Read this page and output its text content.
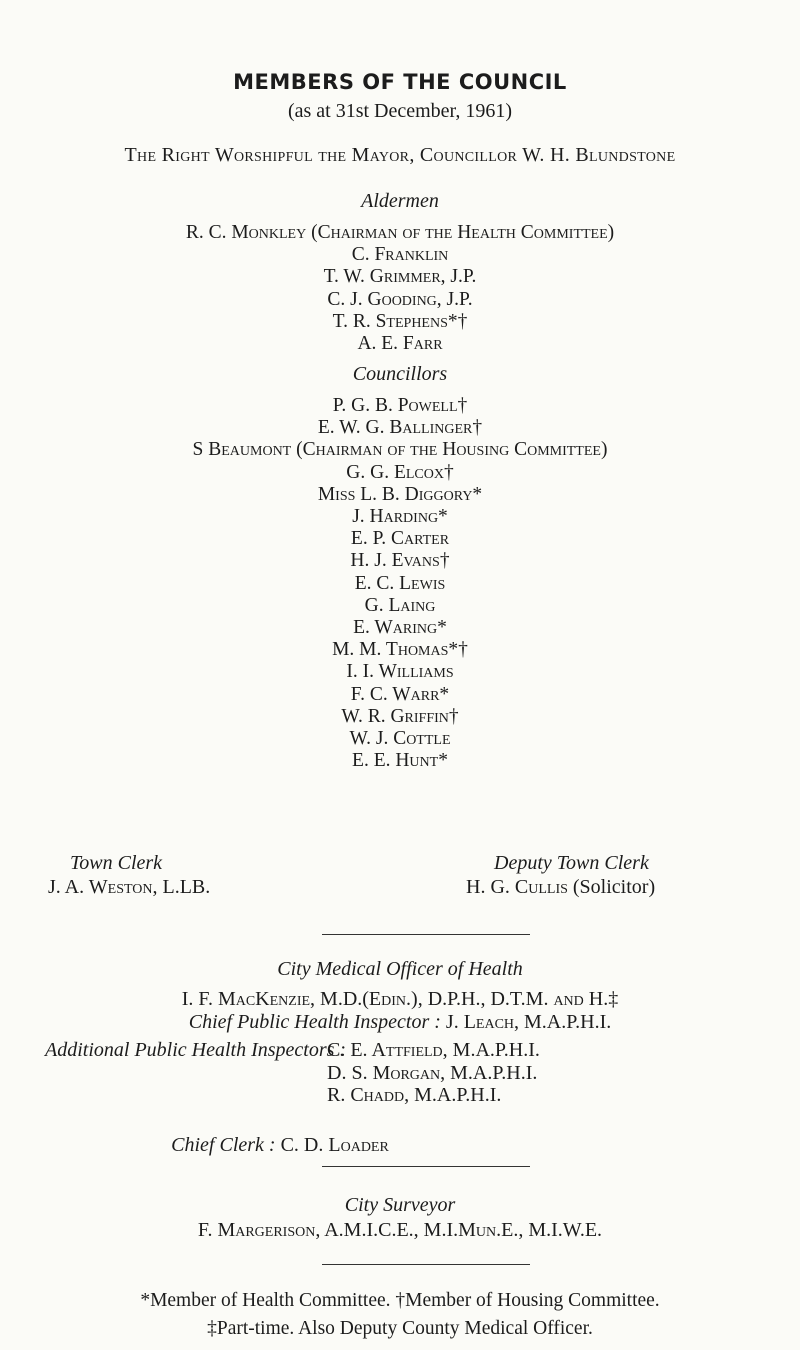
MEMBERS OF THE COUNCIL
(as at 31st December, 1961)
The Right Worshipful the Mayor, Councillor W. H. Blundstone
Aldermen
R. C. Monkley (Chairman of the Health Committee)
C. Franklin
T. W. Grimmer, J.P.
C. J. Gooding, J.P.
T. R. Stephens*†
A. E. Farr
Councillors
P. G. B. Powell†
E. W. G. Ballinger†
S Beaumont (Chairman of the Housing Committee)
G. G. Elcox†
Miss L. B. Diggory*
J. Harding*
E. P. Carter
H. J. Evans†
E. C. Lewis
G. Laing
E. Waring*
M. M. Thomas*†
I. I. Williams
F. C. Warr*
W. R. Griffin†
W. J. Cottle
E. E. Hunt*
Town Clerk
J. A. Weston, L.LB.
Deputy Town Clerk
H. G. Cullis (Solicitor)
City Medical Officer of Health
I. F. MacKenzie, M.D.(Edin.), D.P.H., D.T.M. and H.‡
Chief Public Health Inspector : J. Leach, M.A.P.H.I.
Additional Public Health Inspectors :
C. E. Attfield, M.A.P.H.I.
D. S. Morgan, M.A.P.H.I.
R. Chadd, M.A.P.H.I.
Chief Clerk : C. D. Loader
City Surveyor
F. Margerison, A.M.I.C.E., M.I.Mun.E., M.I.W.E.
*Member of Health Committee. †Member of Housing Committee.
‡Part-time. Also Deputy County Medical Officer.
